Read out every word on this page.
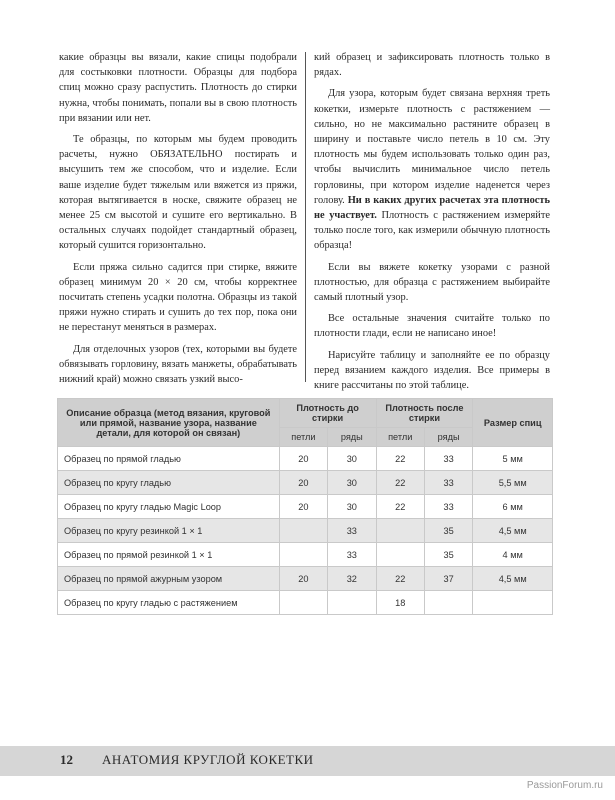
какие образцы вы вязали, какие спицы подобрали для состыковки плотности. Образцы для подбора спиц можно сразу распустить. Плотность до стирки нужна, чтобы понимать, попали вы в свою плотность при вязании или нет.

Те образцы, по которым мы будем проводить расчеты, нужно ОБЯЗАТЕЛЬНО постирать и высушить тем же способом, что и изделие. Если ваше изделие будет тяжелым или вяжется из пряжи, которая вытягивается в носке, свяжите образец не менее 25 см высотой и сушите его вертикально. В остальных случаях подойдет стандартный образец, который сушится горизонтально.

Если пряжа сильно садится при стирке, вяжите образец минимум 20 × 20 см, чтобы корректнее посчитать степень усадки полотна. Образцы из такой пряжи нужно стирать и сушить до тех пор, пока они не перестанут меняться в размерах.

Для отделочных узоров (тех, которыми вы будете обвязывать горловину, вязать манжеты, обрабатывать нижний край) можно связать узкий высо-

кий образец и зафиксировать плотность только в рядах.

Для узора, которым будет связана верхняя треть кокетки, измерьте плотность с растяжением — сильно, но не максимально растяните образец в ширину и поставьте число петель в 10 см. Эту плотность мы будем использовать только один раз, чтобы вычислить минимальное число петель горловины, при котором изделие наденется через голову. Ни в каких других расчетах эта плотность не участвует. Плотность с растяжением измеряйте только после того, как измерили обычную плотность образца!

Если вы вяжете кокетку узорами с разной плотностью, для образца с растяжением выбирайте самый плотный узор.

Все остальные значения считайте только по плотности глади, если не написано иное!

Нарисуйте таблицу и заполняйте ее по образцу перед вязанием каждого изделия. Все примеры в книге рассчитаны по этой таблице.

Описание образца (метод вязания, круговой или прямой, название узора, название детали, для которой он связан)	Плотность до стирки		Плотность после стирки		Размер спиц
	петли	ряды	петли	ряды	
Образец по прямой гладью	20	30	22	33	5 мм
Образец по кругу гладью	20	30	22	33	5,5 мм
Образец по кругу гладью Magic Loop	20	30	22	33	6 мм
Образец по кругу резинкой 1 × 1		33		35	4,5 мм
Образец по прямой резинкой 1 × 1		33		35	4 мм
Образец по прямой ажурным узором	20	32	22	37	4,5 мм
Образец по кругу гладью с растяжением			18		
12 АНАТОМИЯ КРУГЛОЙ КОКЕТКИ
PassionForum.ru
